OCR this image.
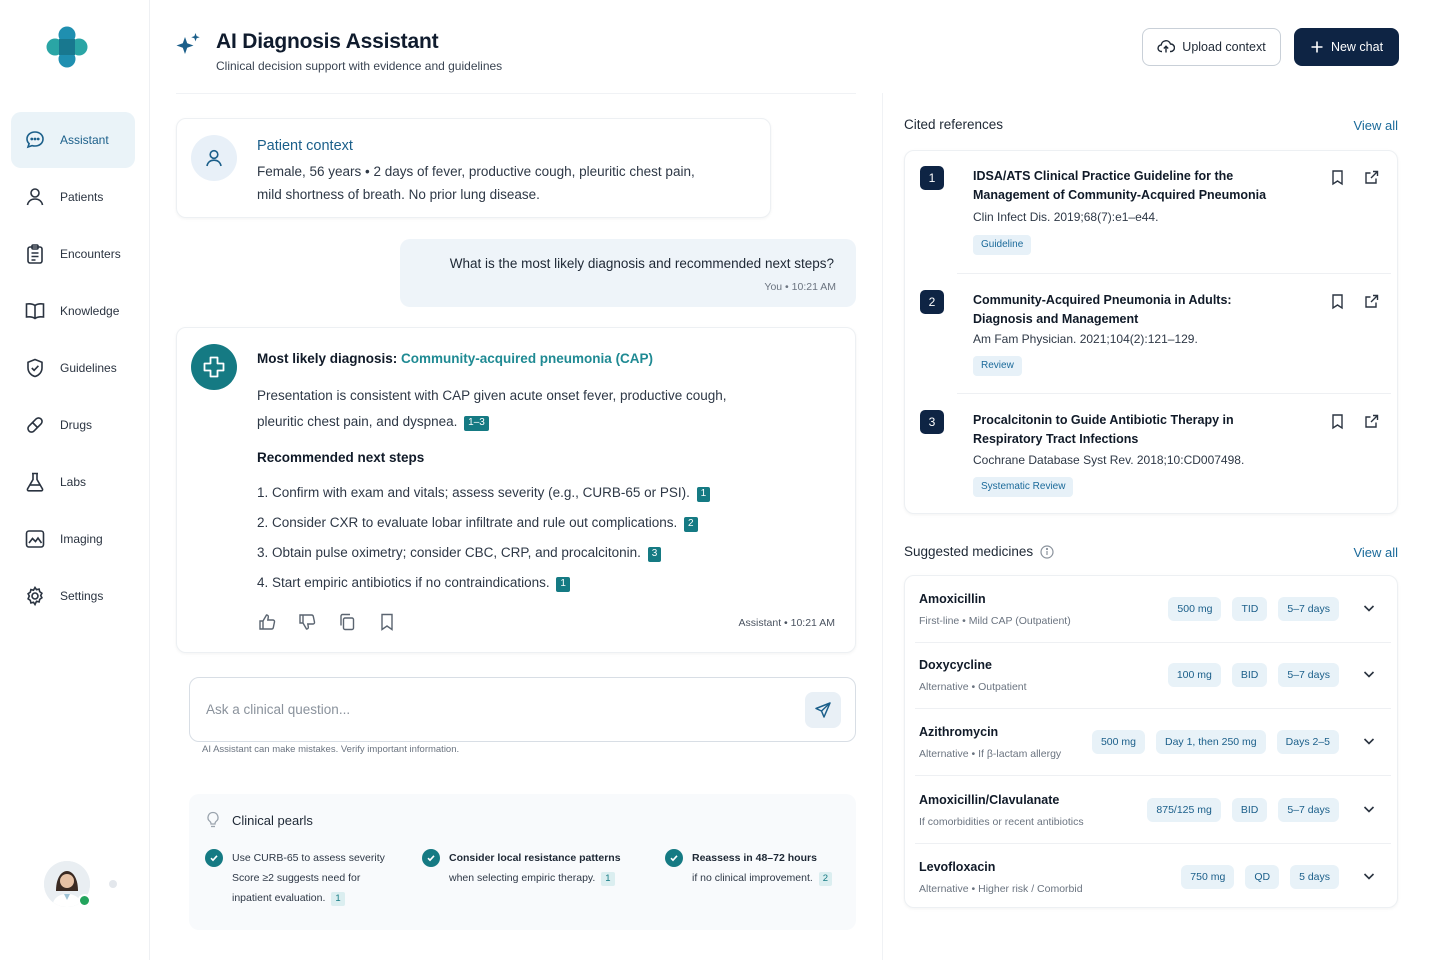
Assistant
Patients
Encounters
Knowledge
Guidelines
Drugs
Labs
Imaging
Settings
AI Diagnosis Assistant
Clinical decision support with evidence and guidelines
Upload context	New chat
Patient context
Female, 56 years • 2 days of fever, productive cough, pleuritic chest pain,
mild shortness of breath. No prior lung disease.
What is the most likely diagnosis and recommended next steps?
You • 10:21 AM
Most likely diagnosis: Community-acquired pneumonia (CAP)
Presentation is consistent with CAP given acute onset fever, productive cough,
pleuritic chest pain, and dyspnea. 1–3
Recommended next steps
1. Confirm with exam and vitals; assess severity (e.g., CURB-65 or PSI). 1
2. Consider CXR to evaluate lobar infiltrate and rule out complications. 2
3. Obtain pulse oximetry; consider CBC, CRP, and procalcitonin. 3
4. Start empiric antibiotics if no contraindications. 1
Assistant • 10:21 AM
Ask a clinical question...
AI Assistant can make mistakes. Verify important information.
Clinical pearls
Use CURB-65 to assess severity
Score ≥2 suggests need for
inpatient evaluation. 1
Consider local resistance patterns
when selecting empiric therapy. 1
Reassess in 48–72 hours
if no clinical improvement. 2
Cited references	View all
1	IDSA/ATS Clinical Practice Guideline for the
Management of Community-Acquired Pneumonia
Clin Infect Dis. 2019;68(7):e1–e44.
Guideline
2	Community-Acquired Pneumonia in Adults:
Diagnosis and Management
Am Fam Physician. 2021;104(2):121–129.
Review
3	Procalcitonin to Guide Antibiotic Therapy in
Respiratory Tract Infections
Cochrane Database Syst Rev. 2018;10:CD007498.
Systematic Review
Suggested medicines	View all
Amoxicillin
First-line • Mild CAP (Outpatient)
500 mg	TID	5–7 days
Doxycycline
Alternative • Outpatient
100 mg	BID	5–7 days
Azithromycin
Alternative • If β-lactam allergy
500 mg	Day 1, then 250 mg	Days 2–5
Amoxicillin/Clavulanate
If comorbidities or recent antibiotics
875/125 mg	BID	5–7 days
Levofloxacin
Alternative • Higher risk / Comorbid
750 mg	QD	5 days
